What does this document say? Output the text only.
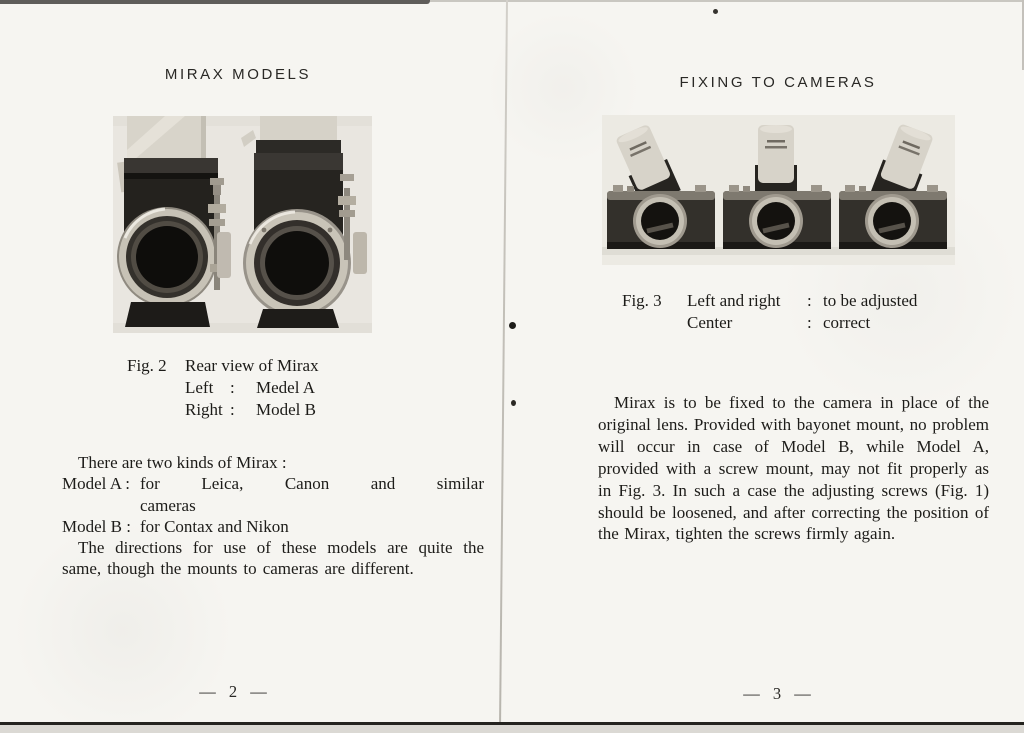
MIRAX MODELS
Fig. 2	Rear view of Mirax
Left :	Medel A
Right :	Model B
There are two kinds of Mirax :
Model A : for Leica, Canon and similar
cameras
Model B : for Contax and Nikon
The directions for use of these models are quite the same, though the mounts to cameras are different.
— 2 —
FIXING TO CAMERAS
Fig. 3	Left and right	: to be adjusted
Center	: correct
Mirax is to be fixed to the camera in place of the original lens. Provided with bayonet mount, no problem will occur in case of Model B, while Model A, provided with a screw mount, may not fit properly as in Fig. 3. In such a case the adjusting screws (Fig. 1) should be loosened, and after correcting the position of the Mirax, tighten the screws firmly again.
— 3 —
